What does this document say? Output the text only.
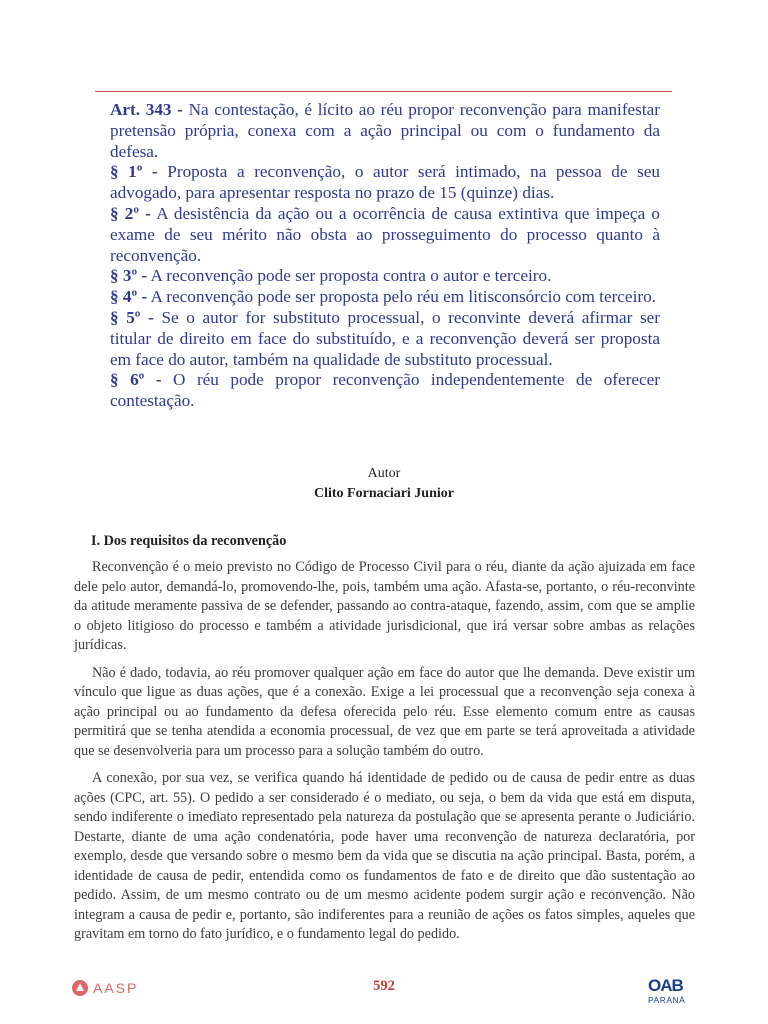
Art. 343 - Na contestação, é lícito ao réu propor reconvenção para manifestar pretensão própria, conexa com a ação principal ou com o fundamento da defesa.

§ 1º - Proposta a reconvenção, o autor será intimado, na pessoa de seu advogado, para apresentar resposta no prazo de 15 (quinze) dias.

§ 2º - A desistência da ação ou a ocorrência de causa extintiva que impeça o exame de seu mérito não obsta ao prosseguimento do processo quanto à reconvenção.

§ 3º - A reconvenção pode ser proposta contra o autor e terceiro.

§ 4º - A reconvenção pode ser proposta pelo réu em litisconsórcio com terceiro.

§ 5º - Se o autor for substituto processual, o reconvinte deverá afirmar ser titular de direito em face do substituído, e a reconvenção deverá ser proposta em face do autor, também na qualidade de substituto processual.

§ 6º - O réu pode propor reconvenção independentemente de oferecer contestação.

Autor
Clito Fornaciari Junior
I. Dos requisitos da reconvenção

Reconvenção é o meio previsto no Código de Processo Civil para o réu, diante da ação ajuizada em face dele pelo autor, demandá-lo, promovendo-lhe, pois, também uma ação. Afasta-se, portanto, o réu-reconvinte da atitude meramente passiva de se defender, passando ao contra-ataque, fazendo, assim, com que se amplie o objeto litigioso do processo e também a atividade jurisdicional, que irá versar sobre ambas as relações jurídicas.

Não é dado, todavia, ao réu promover qualquer ação em face do autor que lhe demanda. Deve existir um vínculo que ligue as duas ações, que é a conexão. Exige a lei processual que a reconvenção seja conexa à ação principal ou ao fundamento da defesa oferecida pelo réu. Esse elemento comum entre as causas permitirá que se tenha atendida a economia processual, de vez que em parte se terá aproveitada a atividade que se desenvolveria para um processo para a solução também do outro.

A conexão, por sua vez, se verifica quando há identidade de pedido ou de causa de pedir entre as duas ações (CPC, art. 55). O pedido a ser considerado é o mediato, ou seja, o bem da vida que está em disputa, sendo indiferente o imediato representado pela natureza da postulação que se apresenta perante o Judiciário. Destarte, diante de uma ação condenatória, pode haver uma reconvenção de natureza declaratória, por exemplo, desde que versando sobre o mesmo bem da vida que se discutia na ação principal. Basta, porém, a identidade de causa de pedir, entendida como os fundamentos de fato e de direito que dão sustentação ao pedido. Assim, de um mesmo contrato ou de um mesmo acidente podem surgir ação e reconvenção. Não integram a causa de pedir e, portanto, são indiferentes para a reunião de ações os fatos simples, aqueles que gravitam em torno do fato jurídico, e o fundamento legal do pedido.

AASP	592	OAB
PARANÁ
